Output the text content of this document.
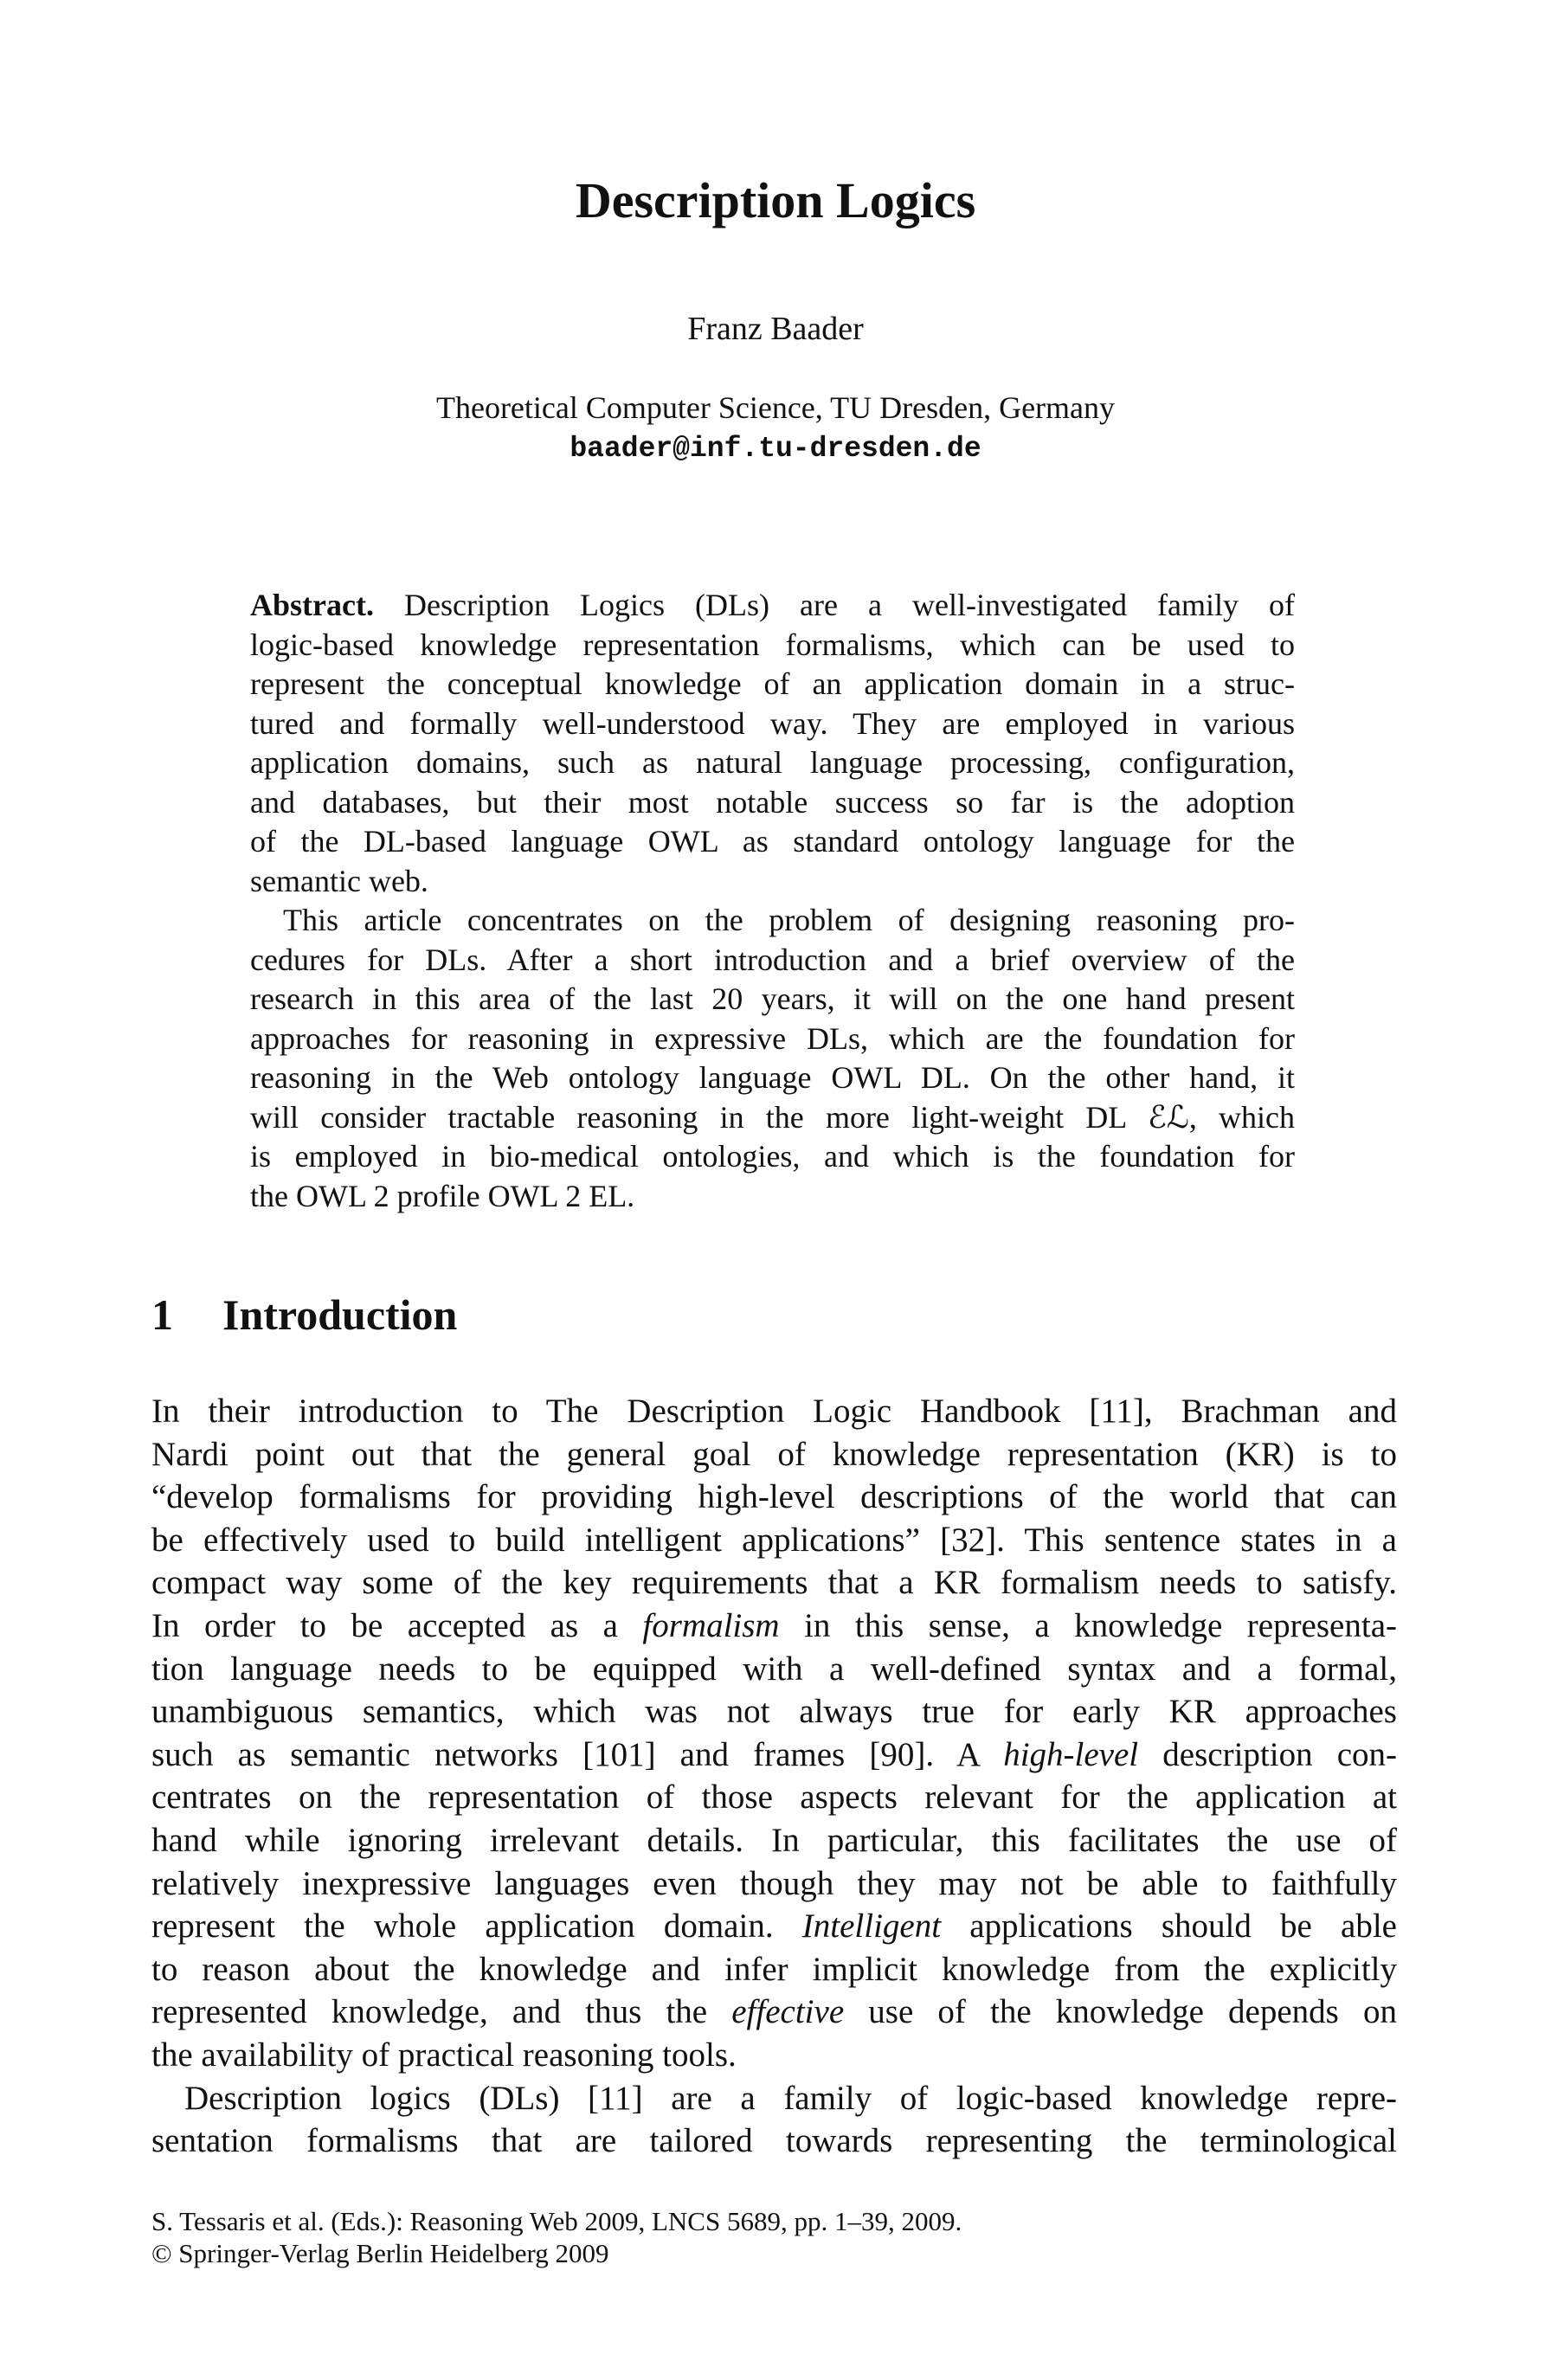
Description Logics
Franz Baader
Theoretical Computer Science, TU Dresden, Germany
baader@inf.tu-dresden.de
Abstract. Description Logics (DLs) are a well-investigated family of
logic-based knowledge representation formalisms, which can be used to
represent the conceptual knowledge of an application domain in a struc-
tured and formally well-understood way. They are employed in various
application domains, such as natural language processing, configuration,
and databases, but their most notable success so far is the adoption
of the DL-based language OWL as standard ontology language for the
semantic web.
This article concentrates on the problem of designing reasoning pro-
cedures for DLs. After a short introduction and a brief overview of the
research in this area of the last 20 years, it will on the one hand present
approaches for reasoning in expressive DLs, which are the foundation for
reasoning in the Web ontology language OWL DL. On the other hand, it
will consider tractable reasoning in the more light-weight DL ℰℒ, which
is employed in bio-medical ontologies, and which is the foundation for
the OWL 2 profile OWL 2 EL.
1 Introduction
In their introduction to The Description Logic Handbook [11], Brachman and
Nardi point out that the general goal of knowledge representation (KR) is to
“develop formalisms for providing high-level descriptions of the world that can
be effectively used to build intelligent applications” [32]. This sentence states in a
compact way some of the key requirements that a KR formalism needs to satisfy.
In order to be accepted as a formalism in this sense, a knowledge representa-
tion language needs to be equipped with a well-defined syntax and a formal,
unambiguous semantics, which was not always true for early KR approaches
such as semantic networks [101] and frames [90]. A high-level description con-
centrates on the representation of those aspects relevant for the application at
hand while ignoring irrelevant details. In particular, this facilitates the use of
relatively inexpressive languages even though they may not be able to faithfully
represent the whole application domain. Intelligent applications should be able
to reason about the knowledge and infer implicit knowledge from the explicitly
represented knowledge, and thus the effective use of the knowledge depends on
the availability of practical reasoning tools.
Description logics (DLs) [11] are a family of logic-based knowledge repre-
sentation formalisms that are tailored towards representing the terminological
S. Tessaris et al. (Eds.): Reasoning Web 2009, LNCS 5689, pp. 1–39, 2009.
© Springer-Verlag Berlin Heidelberg 2009
